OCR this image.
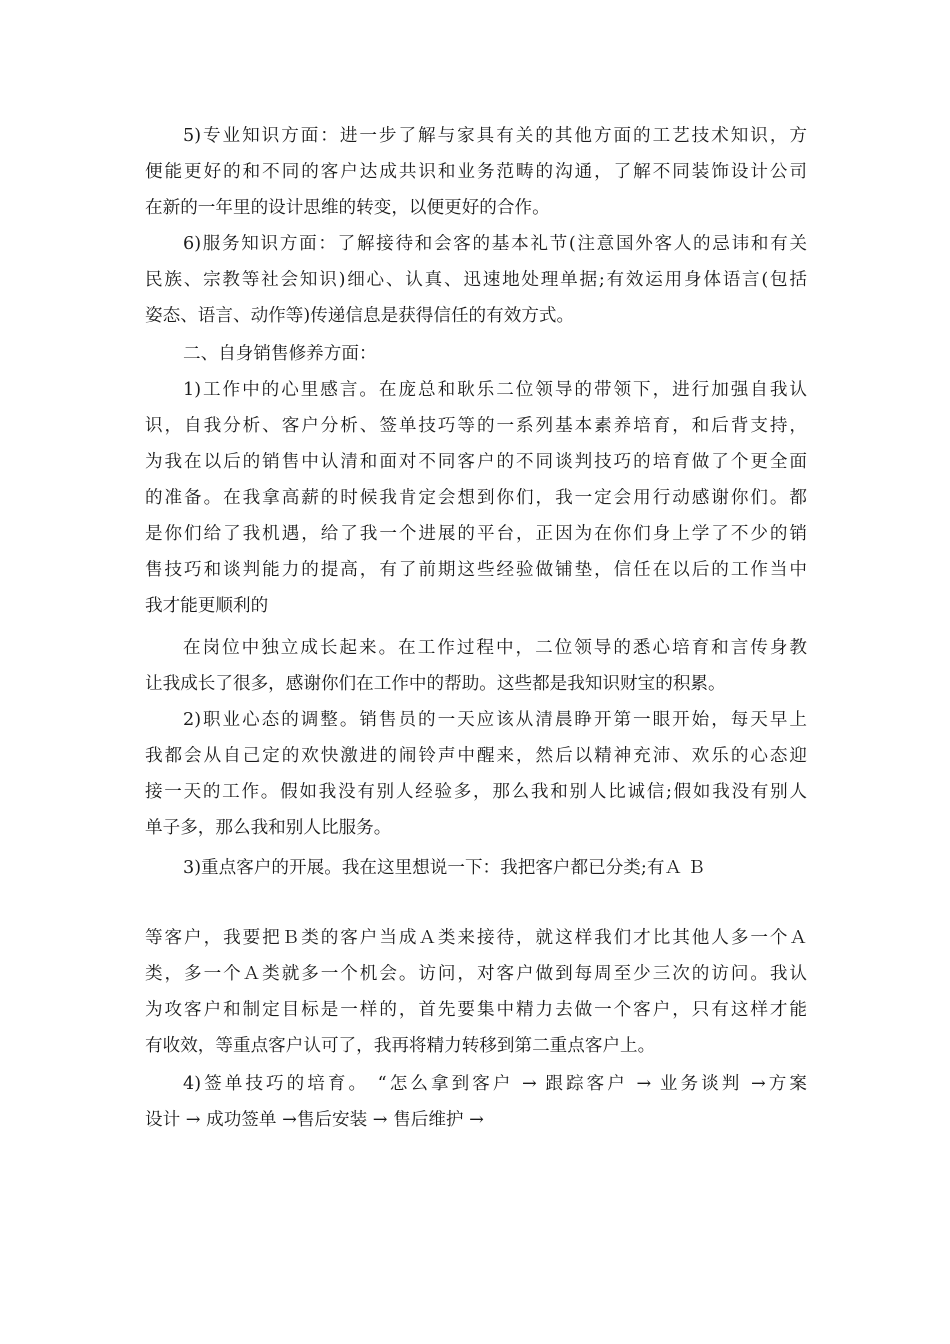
5)专业知识方面：进一步了解与家具有关的其他方面的工艺技术知识，方
便能更好的和不同的客户达成共识和业务范畴的沟通，了解不同装饰设计公司
在新的一年里的设计思维的转变，以便更好的合作。
6)服务知识方面：了解接待和会客的基本礼节(注意国外客人的忌讳和有关
民族、宗教等社会知识)细心、认真、迅速地处理单据;有效运用身体语言(包括
姿态、语言、动作等)传递信息是获得信任的有效方式。
二、自身销售修养方面：
1)工作中的心里感言。在庞总和耿乐二位领导的带领下，进行加强自我认
识，自我分析、客户分析、签单技巧等的一系列基本素养培育，和后背支持，
为我在以后的销售中认清和面对不同客户的不同谈判技巧的培育做了个更全面
的准备。在我拿高薪的时候我肯定会想到你们，我一定会用行动感谢你们。都
是你们给了我机遇，给了我一个进展的平台，正因为在你们身上学了不少的销
售技巧和谈判能力的提高，有了前期这些经验做铺垫，信任在以后的工作当中
我才能更顺利的
在岗位中独立成长起来。在工作过程中，二位领导的悉心培育和言传身教
让我成长了很多，感谢你们在工作中的帮助。这些都是我知识财宝的积累。
2)职业心态的调整。销售员的一天应该从清晨睁开第一眼开始，每天早上
我都会从自己定的欢快激进的闹铃声中醒来，然后以精神充沛、欢乐的心态迎
接一天的工作。假如我没有别人经验多，那么我和别人比诚信;假如我没有别人
单子多，那么我和别人比服务。
3)重点客户的开展。我在这里想说一下：我把客户都已分类;有Ａ Ｂ
等客户，我要把Ｂ类的客户当成Ａ类来接待，就这样我们才比其他人多一个Ａ
类，多一个Ａ类就多一个机会。访问，对客户做到每周至少三次的访问。我认
为攻客户和制定目标是一样的，首先要集中精力去做一个客户，只有这样才能
有收效，等重点客户认可了，我再将精力转移到第二重点客户上。
4)签单技巧的培育。 “怎么拿到客户 → 跟踪客户 → 业务谈判 →方案
设计 → 成功签单 →售后安装 → 售后维护 →
